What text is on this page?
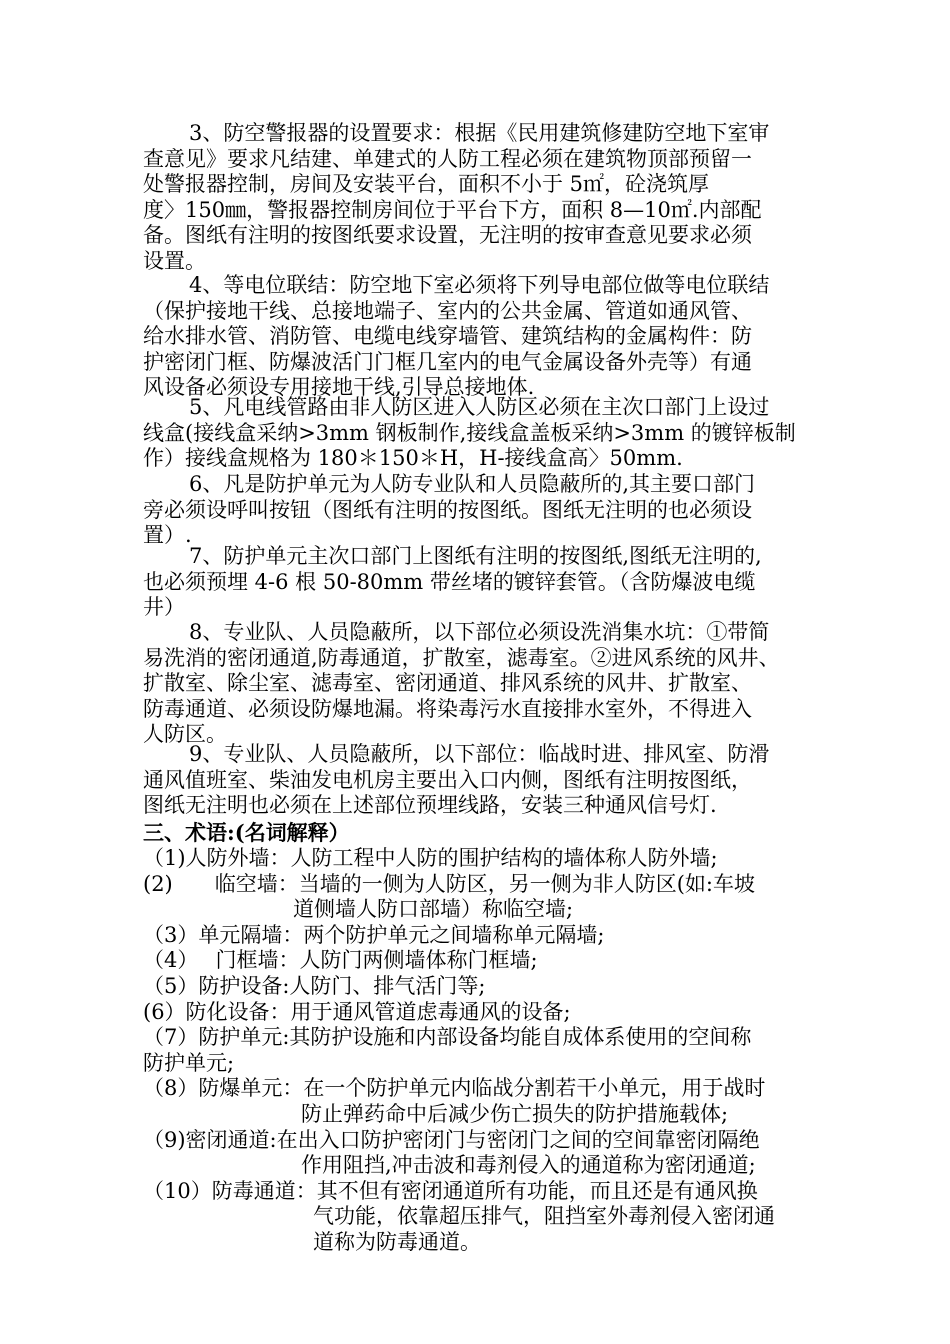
3、防空警报器的设置要求：根据《民用建筑修建防空地下室审
查意见》要求凡结建、单建式的人防工程必须在建筑物顶部预留一
处警报器控制，房间及安装平台，面积不小于 5㎡，砼浇筑厚
度〉150㎜，警报器控制房间位于平台下方，面积 8—10㎡.内部配
备。图纸有注明的按图纸要求设置，无注明的按审查意见要求必须
设置。
4、等电位联结：防空地下室必须将下列导电部位做等电位联结
（保护接地干线、总接地端子、室内的公共金属、管道如通风管、
给水排水管、消防管、电缆电线穿墙管、建筑结构的金属构件：防
护密闭门框、防爆波活门门框几室内的电气金属设备外壳等）有通
风设备必须设专用接地干线,引导总接地体.
5、凡电线管路由非人防区进入人防区必须在主次口部门上设过
线盒(接线盒采纳>3mm 钢板制作,接线盒盖板采纳>3mm 的镀锌板制
作）接线盒规格为 180＊150＊H，H-接线盒高〉50mm.
6、凡是防护单元为人防专业队和人员隐蔽所的,其主要口部门
旁必须设呼叫按钮（图纸有注明的按图纸。图纸无注明的也必须设
置）.
7、防护单元主次口部门上图纸有注明的按图纸,图纸无注明的,
也必须预埋 4-6 根 50-80mm 带丝堵的镀锌套管。（含防爆波电缆
井）
8、专业队、人员隐蔽所，以下部位必须设洗消集水坑：①带简
易洗消的密闭通道,防毒通道，扩散室，滤毒室。②进风系统的风井、
扩散室、除尘室、滤毒室、密闭通道、排风系统的风井、扩散室、
防毒通道、必须设防爆地漏。将染毒污水直接排水室外，不得进入
人防区。
9、专业队、人员隐蔽所，以下部位：临战时进、排风室、防滑
通风值班室、柴油发电机房主要出入口内侧，图纸有注明按图纸，
图纸无注明也必须在上述部位预埋线路，安装三种通风信号灯.
三、术语:(名词解释）
（1)人防外墙：人防工程中人防的围护结构的墙体称人防外墙;
(2)　　临空墙：当墙的一侧为人防区，另一侧为非人防区(如:车坡
道侧墙人防口部墙）称临空墙;
（3）单元隔墙：两个防护单元之间墙称单元隔墙;
（4）　 门框墙：人防门两侧墙体称门框墙;
（5）防护设备:人防门、排气活门等;
(6）防化设备：用于通风管道虑毒通风的设备;
（7）防护单元:其防护设施和内部设备均能自成体系使用的空间称
防护单元;
（8）防爆单元：在一个防护单元内临战分割若干小单元，用于战时
防止弹药命中后减少伤亡损失的防护措施载体;
（9)密闭通道:在出入口防护密闭门与密闭门之间的空间靠密闭隔绝
作用阻挡,冲击波和毒剂侵入的通道称为密闭通道;
（10）防毒通道：其不但有密闭通道所有功能，而且还是有通风换
气功能，依靠超压排气，阻挡室外毒剂侵入密闭通
道称为防毒通道。
